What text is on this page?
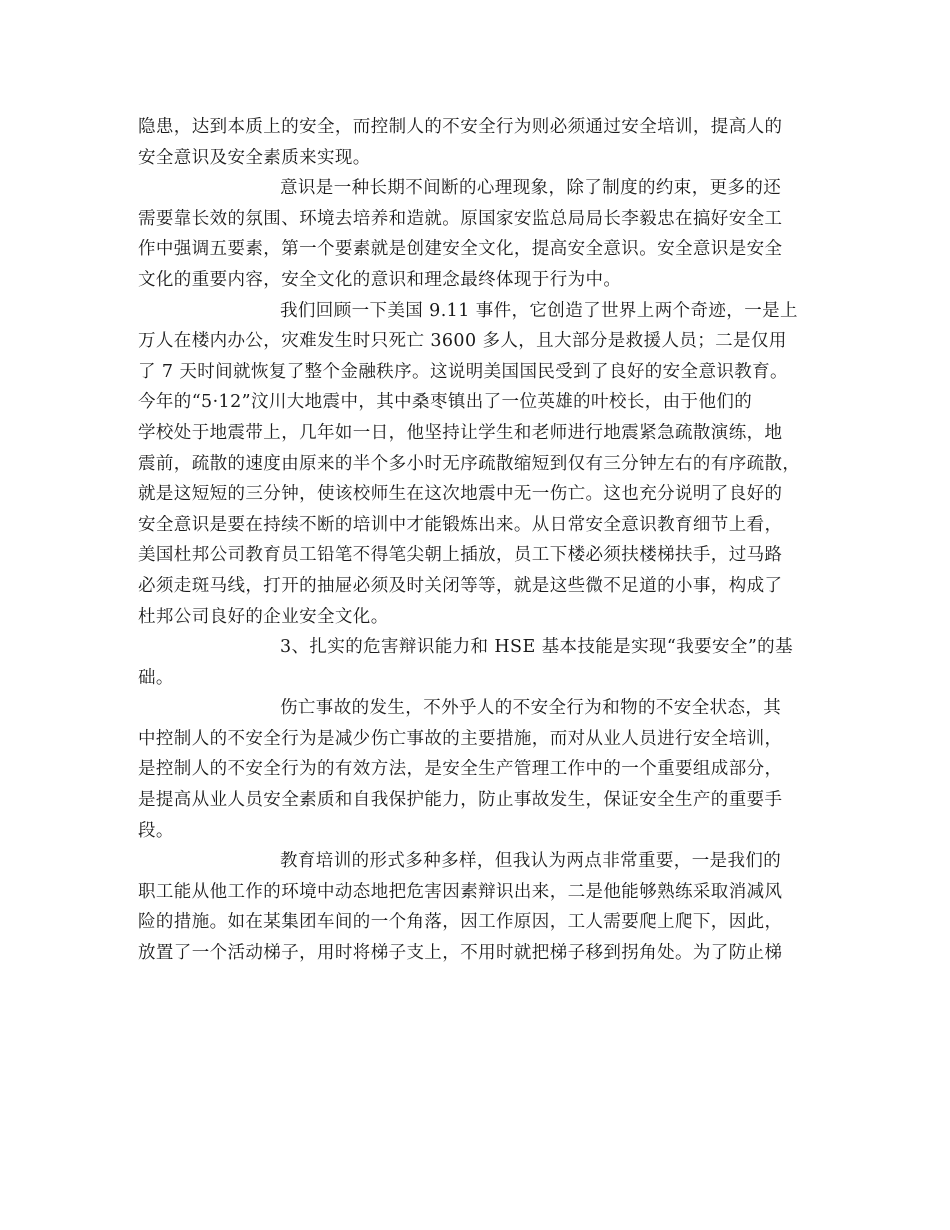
隐患，达到本质上的安全，而控制人的不安全行为则必须通过安全培训，提高人的
安全意识及安全素质来实现。
意识是一种长期不间断的心理现象，除了制度的约束，更多的还
需要靠长效的氛围、环境去培养和造就。原国家安监总局局长李毅忠在搞好安全工
作中强调五要素，第一个要素就是创建安全文化，提高安全意识。安全意识是安全
文化的重要内容，安全文化的意识和理念最终体现于行为中。
我们回顾一下美国 9.11 事件，它创造了世界上两个奇迹，一是上
万人在楼内办公，灾难发生时只死亡 3600 多人，且大部分是救援人员；二是仅用
了 7 天时间就恢复了整个金融秩序。这说明美国国民受到了良好的安全意识教育。
今年的“5·12”汶川大地震中，其中桑枣镇出了一位英雄的叶校长，由于他们的
学校处于地震带上，几年如一日，他坚持让学生和老师进行地震紧急疏散演练，地
震前，疏散的速度由原来的半个多小时无序疏散缩短到仅有三分钟左右的有序疏散，
就是这短短的三分钟，使该校师生在这次地震中无一伤亡。这也充分说明了良好的
安全意识是要在持续不断的培训中才能锻炼出来。从日常安全意识教育细节上看，
美国杜邦公司教育员工铅笔不得笔尖朝上插放，员工下楼必须扶楼梯扶手，过马路
必须走斑马线，打开的抽屉必须及时关闭等等，就是这些微不足道的小事，构成了
杜邦公司良好的企业安全文化。
3、扎实的危害辩识能力和 HSE 基本技能是实现“我要安全”的基
础。
伤亡事故的发生，不外乎人的不安全行为和物的不安全状态，其
中控制人的不安全行为是减少伤亡事故的主要措施，而对从业人员进行安全培训，
是控制人的不安全行为的有效方法，是安全生产管理工作中的一个重要组成部分，
是提高从业人员安全素质和自我保护能力，防止事故发生，保证安全生产的重要手
段。
教育培训的形式多种多样，但我认为两点非常重要，一是我们的
职工能从他工作的环境中动态地把危害因素辩识出来，二是他能够熟练采取消减风
险的措施。如在某集团车间的一个角落，因工作原因，工人需要爬上爬下，因此，
放置了一个活动梯子，用时将梯子支上，不用时就把梯子移到拐角处。为了防止梯
